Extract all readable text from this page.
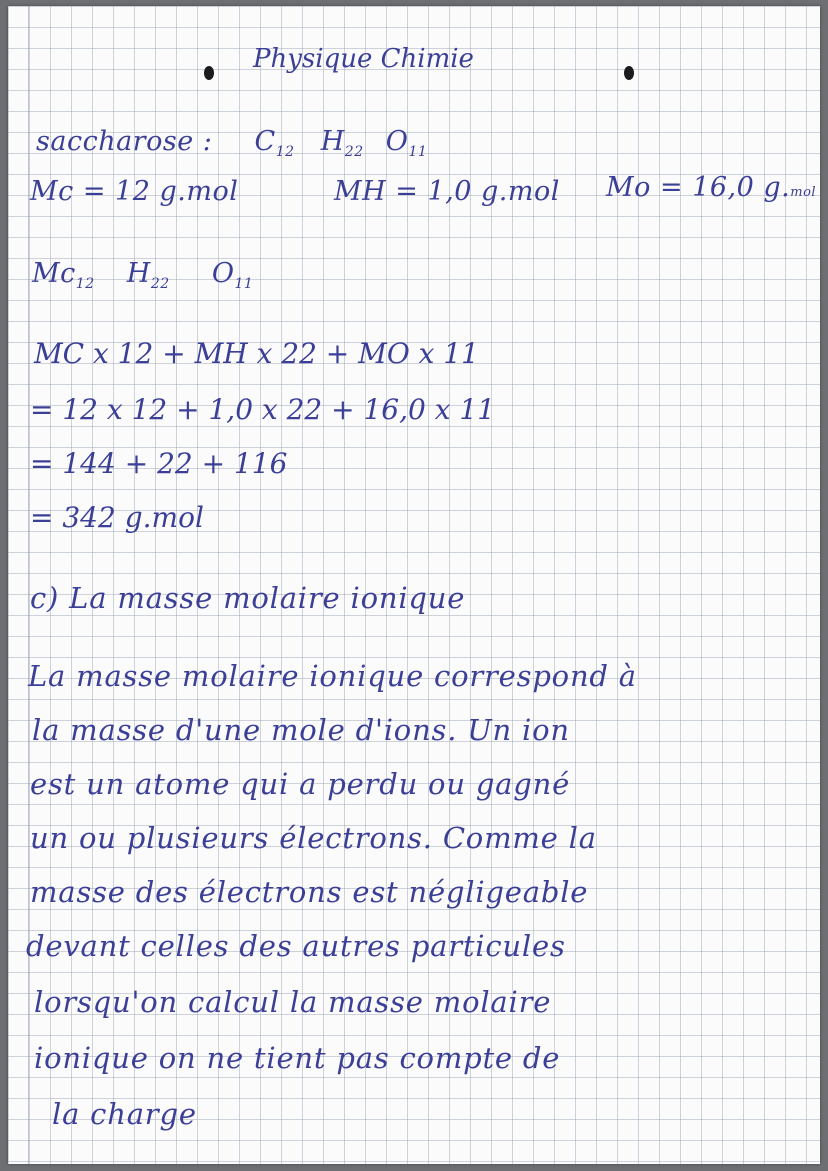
Physique Chimie
saccharose : $C_{12}$ $H_{22}$ $O_{11}$
Mc = 12 g.mol	MH = 1,0 g.mol Mo = 16,0 g.mol
$Mc_{12}$ $H_{22}$ $O_{11}$
MC x 12 + MH x 22 + MO x 11
= 12 x 12 + 1,0 x 22 + 16,0 x 11
= 144 + 22 + 116
= 342 g.mol
c) La masse molaire ionique
La masse molaire ionique correspond à
la masse d'une mole d'ions. Un ion
est un atome qui a perdu ou gagné
un ou plusieurs électrons. Comme la
masse des électrons est négligeable
devant celles des autres particules
lorsqu'on calcul la masse molaire
ionique on ne tient pas compte de
la charge
